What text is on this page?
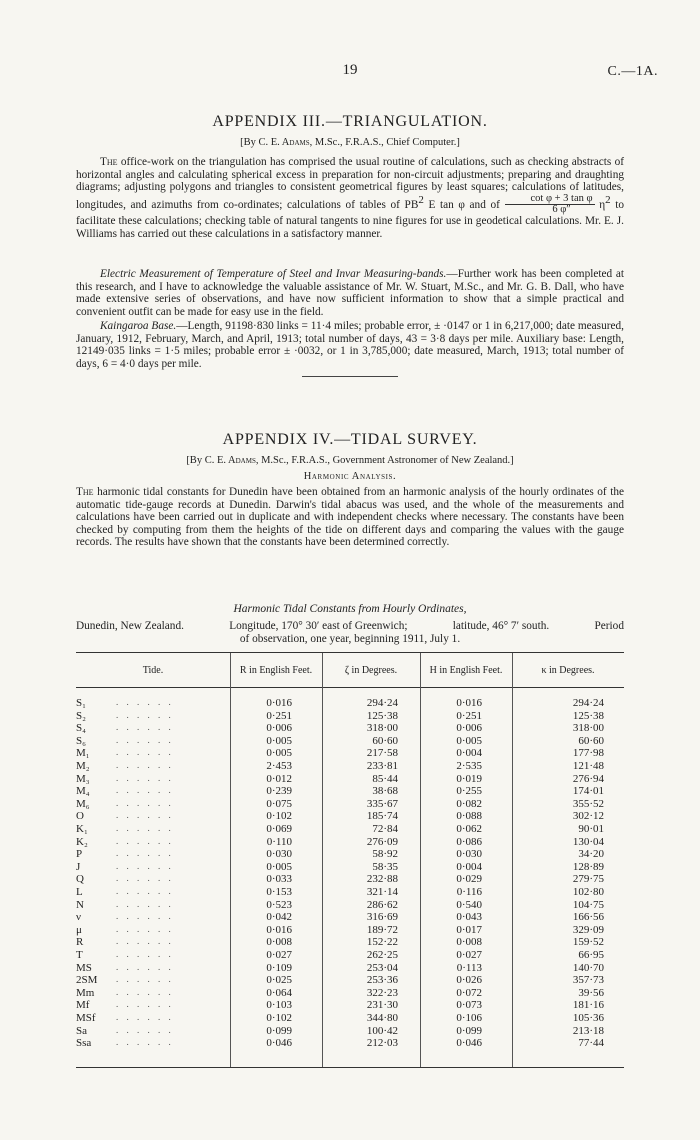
19	C.—1A.
APPENDIX III.—TRIANGULATION.
[By C. E. Adams, M.Sc., F.R.A.S., Chief Computer.]

The office-work on the triangulation has comprised the usual routine of calculations, such as checking abstracts of horizontal angles and calculating spherical excess in preparation for non-circuit adjustments; preparing and draughting diagrams; adjusting polygons and triangles to consistent geometrical figures by least squares; calculations of latitudes, longitudes, and azimuths from co-ordinates; calculations of tables of $PB^2$ E tan φ and of $\frac{\text{cot φ + 3 tan φ}}{6 \varphi''} \eta^2$ to facilitate these calculations; checking table of natural tangents to nine figures for use in geodetical calculations. Mr. E. J. Williams has carried out these calculations in a satisfactory manner.

Electric Measurement of Temperature of Steel and Invar Measuring-bands.—Further work has been completed at this research, and I have to acknowledge the valuable assistance of Mr. W. Stuart, M.Sc., and Mr. G. B. Dall, who have made extensive series of observations, and have now sufficient information to show that a simple practical and convenient outfit can be made for easy use in the field.

Kaingaroa Base.—Length, 91198·830 links = 11·4 miles; probable error, ± ·0147 or 1 in 6,217,000; date measured, January, 1912, February, March, and April, 1913; total number of days, 43 = 3·8 days per mile. Auxiliary base: Length, 12149·035 links = 1·5 miles; probable error ± ·0032, or 1 in 3,785,000; date measured, March, 1913; total number of days, 6 = 4·0 days per mile.

APPENDIX IV.—TIDAL SURVEY.
[By C. E. Adams, M.Sc., F.R.A.S., Government Astronomer of New Zealand.]
Harmonic Analysis.

The harmonic tidal constants for Dunedin have been obtained from an harmonic analysis of the hourly ordinates of the automatic tide-gauge records at Dunedin. Darwin's tidal abacus was used, and the whole of the measurements and calculations have been carried out in duplicate and with independent checks where necessary. The constants have been checked by computing from them the heights of the tide on different days and comparing the values with the gauge records. The results have shown that the constants have been determined correctly.

Harmonic Tidal Constants from Hourly Ordinates,
Dunedin, New Zealand.	Longitude, 170° 30′ east of Greenwich;	latitude, 46° 7′ south.	Period
of observation, one year, beginning 1911, July 1.
Tide.	R in English Feet.	ζ in Degrees.	H in English Feet.	κ in Degrees.
S₁	. . . . . .	0·016	294·24	0·016	294·24
S₂	. . . . . .	0·251	125·38	0·251	125·38
S₄	. . . . . .	0·006	318·00	0·006	318·00
S₆	. . . . . .	0·005	60·60	0·005	60·60
M₁	. . . . . .	0·005	217·58	0·004	177·98
M₂	. . . . . .	2·453	233·81	2·535	121·48
M₃	. . . . . .	0·012	85·44	0·019	276·94
M₄	. . . . . .	0·239	38·68	0·255	174·01
M₆	. . . . . .	0·075	335·67	0·082	355·52
O	. . . . . .	0·102	185·74	0·088	302·12
K₁	. . . . . .	0·069	72·84	0·062	90·01
K₂	. . . . . .	0·110	276·09	0·086	130·04
P	. . . . . .	0·030	58·92	0·030	34·20
J	. . . . . .	0·005	58·35	0·004	128·89
Q	. . . . . .	0·033	232·88	0·029	279·75
L	. . . . . .	0·153	321·14	0·116	102·80
N	. . . . . .	0·523	286·62	0·540	104·75
ν	. . . . . .	0·042	316·69	0·043	166·56
μ	. . . . . .	0·016	189·72	0·017	329·09
R	. . . . . .	0·008	152·22	0·008	159·52
T	. . . . . .	0·027	262·25	0·027	66·95
MS	. . . . . .	0·109	253·04	0·113	140·70
2SM	. . . . . .	0·025	253·36	0·026	357·73
Mm	. . . . . .	0·064	322·23	0·072	39·56
Mf	. . . . . .	0·103	231·30	0·073	181·16
MSf	. . . . . .	0·102	344·80	0·106	105·36
Sa	. . . . . .	0·099	100·42	0·099	213·18
Ssa	. . . . . .	0·046	212·03	0·046	77·44
